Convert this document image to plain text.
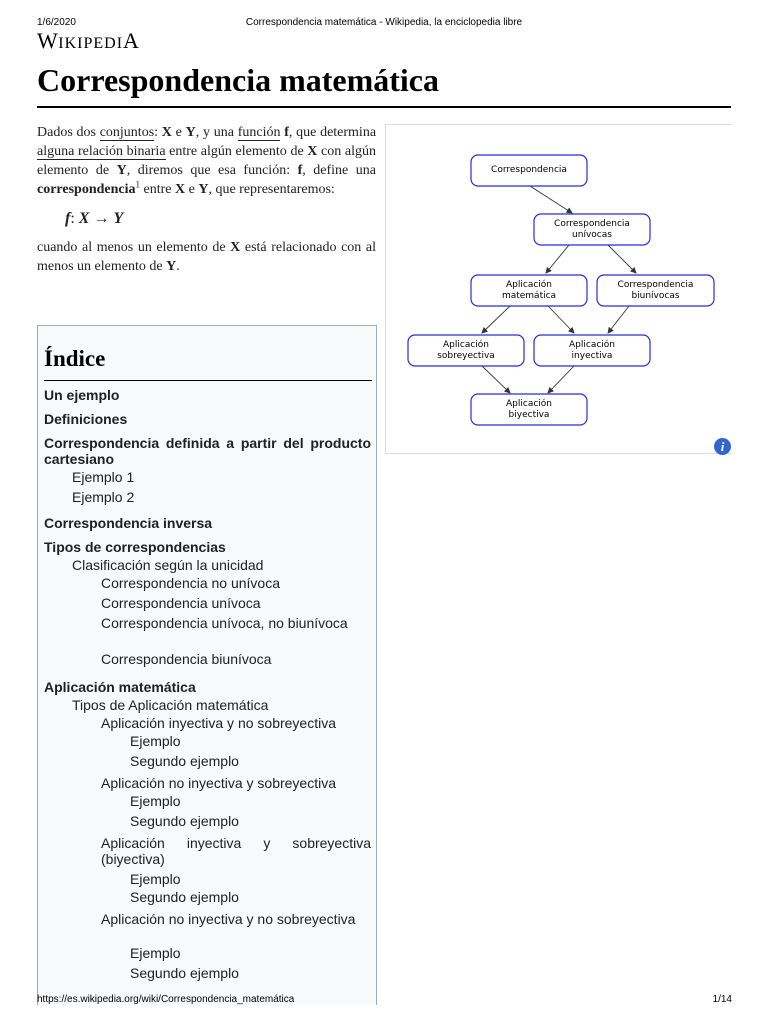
1/6/2020	Correspondencia matemática - Wikipedia, la enciclopedia libre
WIKIPEDIA
Correspondencia matemática

Dados dos conjuntos: X e Y, y una función f, que determina alguna relación binaria entre algún elemento de X con algún elemento de Y, diremos que esa función: f, define una correspondencia$^1$ entre X e Y, que representaremos:

f: X → Y

cuando al menos un elemento de X está relacionado con al menos un elemento de Y.

Correspondencia
Correspondencia
unívocas
Aplicación
matemática
Correspondencia
biunívocas
Aplicación
sobreyectiva
Aplicación
inyectiva
Aplicación
biyectiva
i
Índice
Un ejemplo
Definiciones
Correspondencia definida a partir del producto cartesiano
Ejemplo 1
Ejemplo 2
Correspondencia inversa
Tipos de correspondencias
Clasificación según la unicidad
Correspondencia no unívoca
Correspondencia unívoca
Correspondencia unívoca, no biunívoca
Correspondencia biunívoca
Aplicación matemática
Tipos de Aplicación matemática
Aplicación inyectiva y no sobreyectiva
Ejemplo
Segundo ejemplo
Aplicación no inyectiva y sobreyectiva
Ejemplo
Segundo ejemplo
Aplicación inyectiva y sobreyectiva (biyectiva)
Ejemplo
Segundo ejemplo
Aplicación no inyectiva y no sobreyectiva
Ejemplo
Segundo ejemplo
https://es.wikipedia.org/wiki/Correspondencia_matemática	1/14
